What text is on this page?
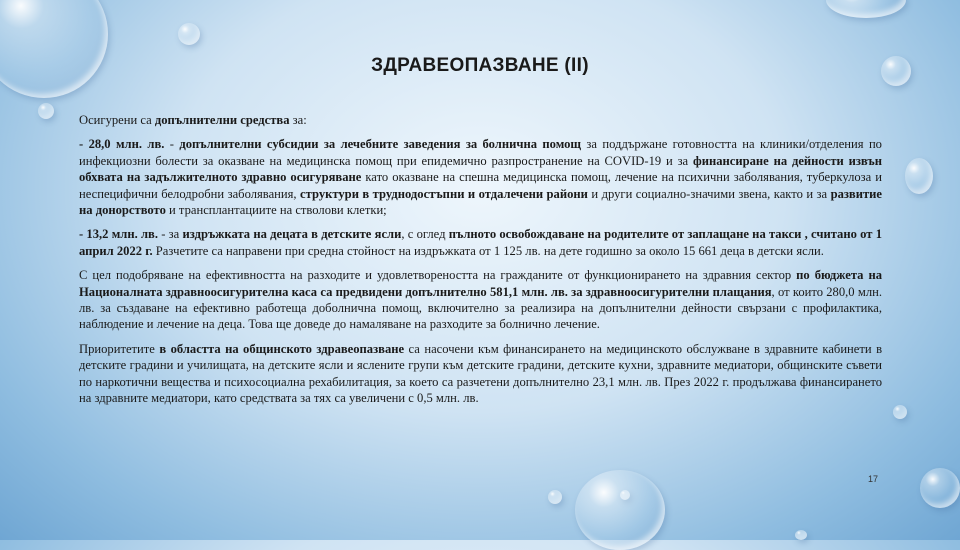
ЗДРАВЕОПАЗВАНЕ (II)

Осигурени са допълнителни средства за:

- 28,0 млн. лв. - допълнителни субсидии за лечебните заведения за болнична помощ за поддържане готовността на клиники/отделения по инфекциозни болести за оказване на медицинска помощ при епидемично разпространение на COVID-19 и за финансиране на дейности извън обхвата на задължителното здравно осигуряване като оказване на спешна медицинска помощ, лечение на психични заболявания, туберкулоза и неспецифични белодробни заболявания, структури в труднодостъпни и отдалечени райони и други социално-значими звена, както и за развитие на донорството и трансплантациите на стволови клетки;

- 13,2 млн. лв. - за издръжката на децата в детските ясли, с оглед пълното освобождаване на родителите от заплащане на такси , считано от 1 април 2022 г. Разчетите са направени при средна стойност на издръжката от 1 125 лв. на дете годишно за около 15 661 деца в детски ясли.

С цел подобряване на ефективността на разходите и удовлетвореността на гражданите от функционирането на здравния сектор по бюджета на Националната здравноосигурителна каса са предвидени допълнително 581,1 млн. лв. за здравноосигурителни плащания, от които 280,0 млн. лв. за създаване на ефективно работеща доболнична помощ, включително за реализира на допълнителни дейности свързани с профилактика, наблюдение и лечение на деца. Това ще доведе до намаляване на разходите за болнично лечение.

Приоритетите в областта на общинското здравеопазване са насочени към финансирането на медицинското обслужване в здравните кабинети в детските градини и училищата, на детските ясли и яслените групи към детските градини, детските кухни, здравните медиатори, общинските съвети по наркотични вещества и психосоциална рехабилитация, за което са разчетени допълнително 23,1 млн. лв. През 2022 г. продължава финансирането на здравните медиатори, като средствата за тях са увеличени с 0,5 млн. лв.

17
